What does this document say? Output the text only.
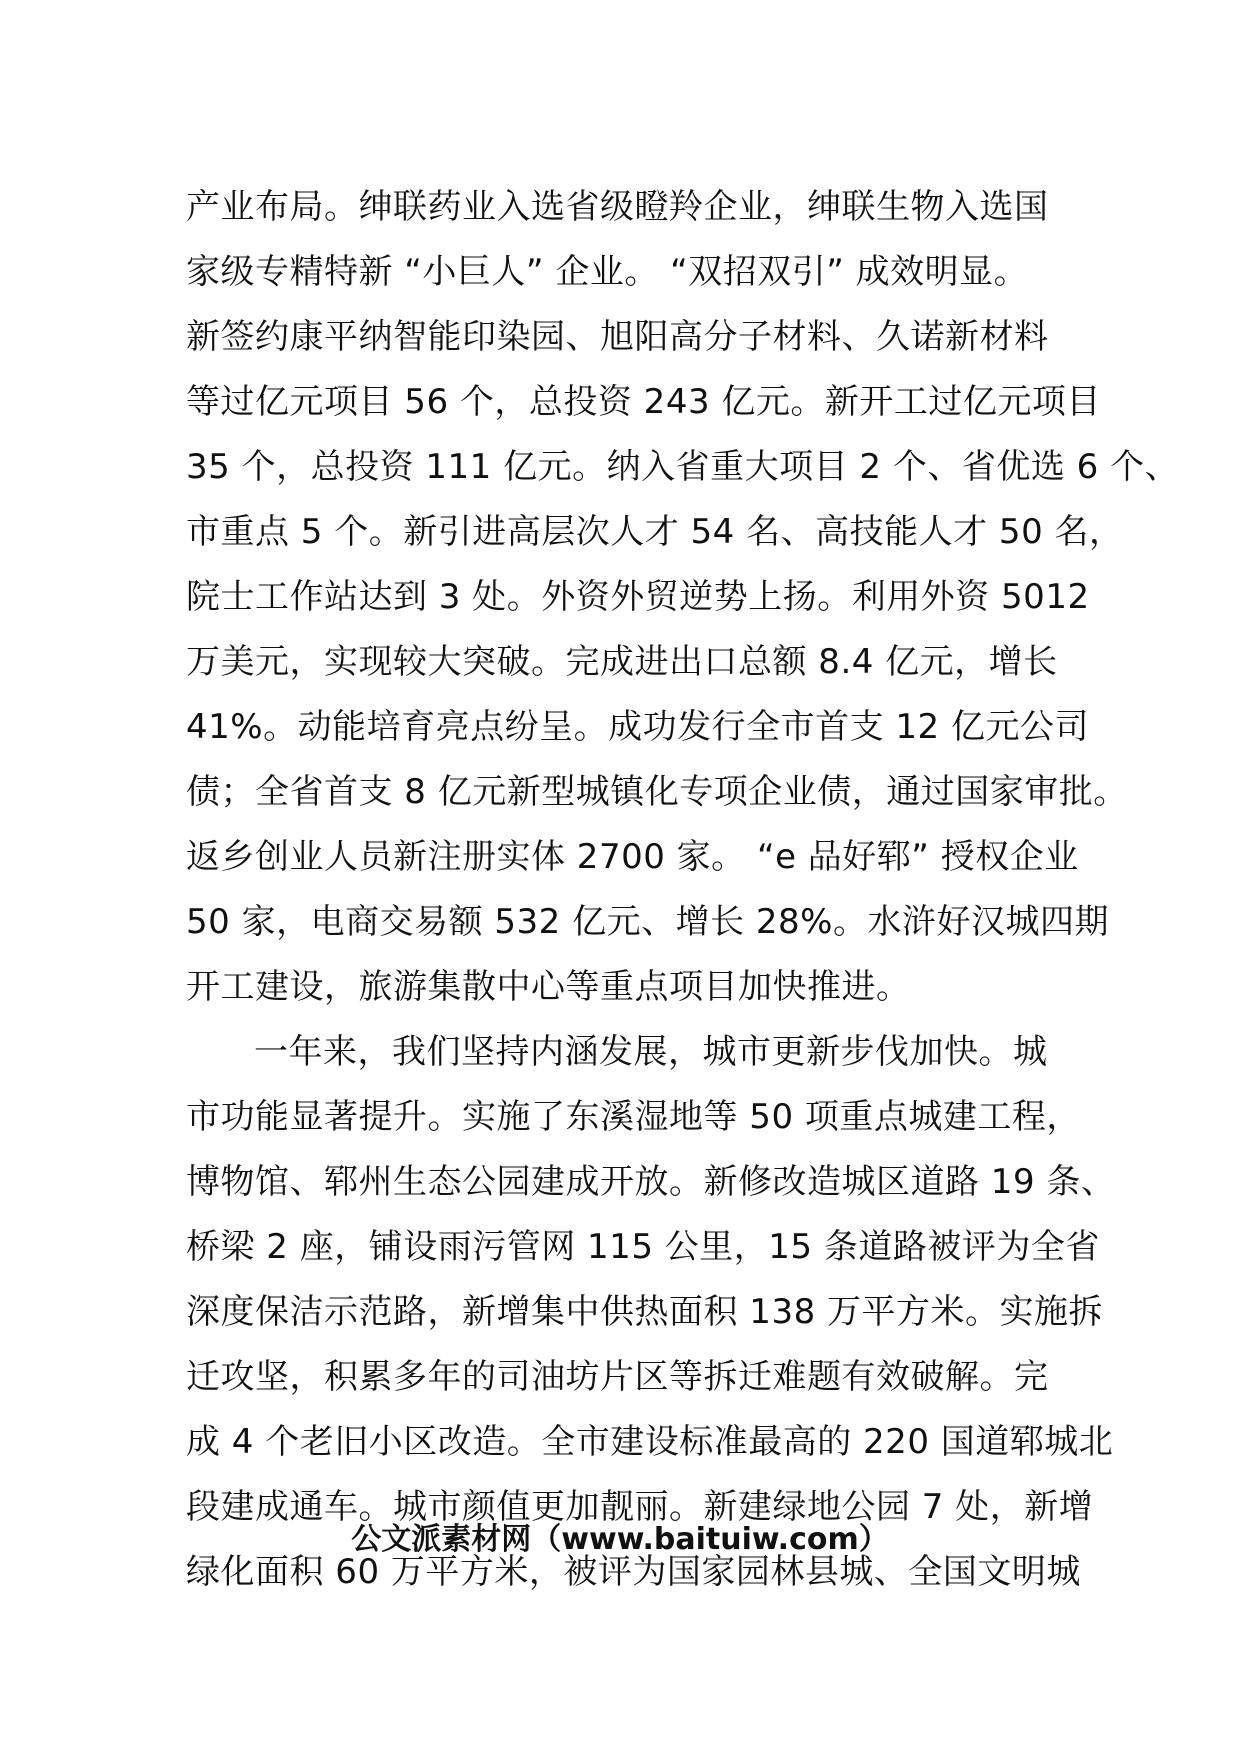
产业布局。绅联药业入选省级瞪羚企业，绅联生物入选国
家级专精特新 “小巨人” 企业。 “双招双引” 成效明显。
新签约康平纳智能印染园、旭阳高分子材料、久诺新材料
等过亿元项目 56 个，总投资 243 亿元。新开工过亿元项目
35 个，总投资 111 亿元。纳入省重大项目 2 个、省优选 6 个、
市重点 5 个。新引进高层次人才 54 名、高技能人才 50 名，
院士工作站达到 3 处。外资外贸逆势上扬。利用外资 5012
万美元，实现较大突破。完成进出口总额 8.4 亿元，增长
41%。动能培育亮点纷呈。成功发行全市首支 12 亿元公司
债；全省首支 8 亿元新型城镇化专项企业债，通过国家审批。
返乡创业人员新注册实体 2700 家。 “e 品好郓” 授权企业
50 家，电商交易额 532 亿元、增长 28%。水浒好汉城四期
开工建设，旅游集散中心等重点项目加快推进。
一年来，我们坚持内涵发展，城市更新步伐加快。城
市功能显著提升。实施了东溪湿地等 50 项重点城建工程，
博物馆、郓州生态公园建成开放。新修改造城区道路 19 条、
桥梁 2 座，铺设雨污管网 115 公里，15 条道路被评为全省
深度保洁示范路，新增集中供热面积 138 万平方米。实施拆
迁攻坚，积累多年的司油坊片区等拆迁难题有效破解。完
成 4 个老旧小区改造。全市建设标准最高的 220 国道郓城北
段建成通车。城市颜值更加靓丽。新建绿地公园 7 处，新增
绿化面积 60 万平方米，被评为国家园林县城、全国文明城
公文派素材网（www.baituiw.com）
